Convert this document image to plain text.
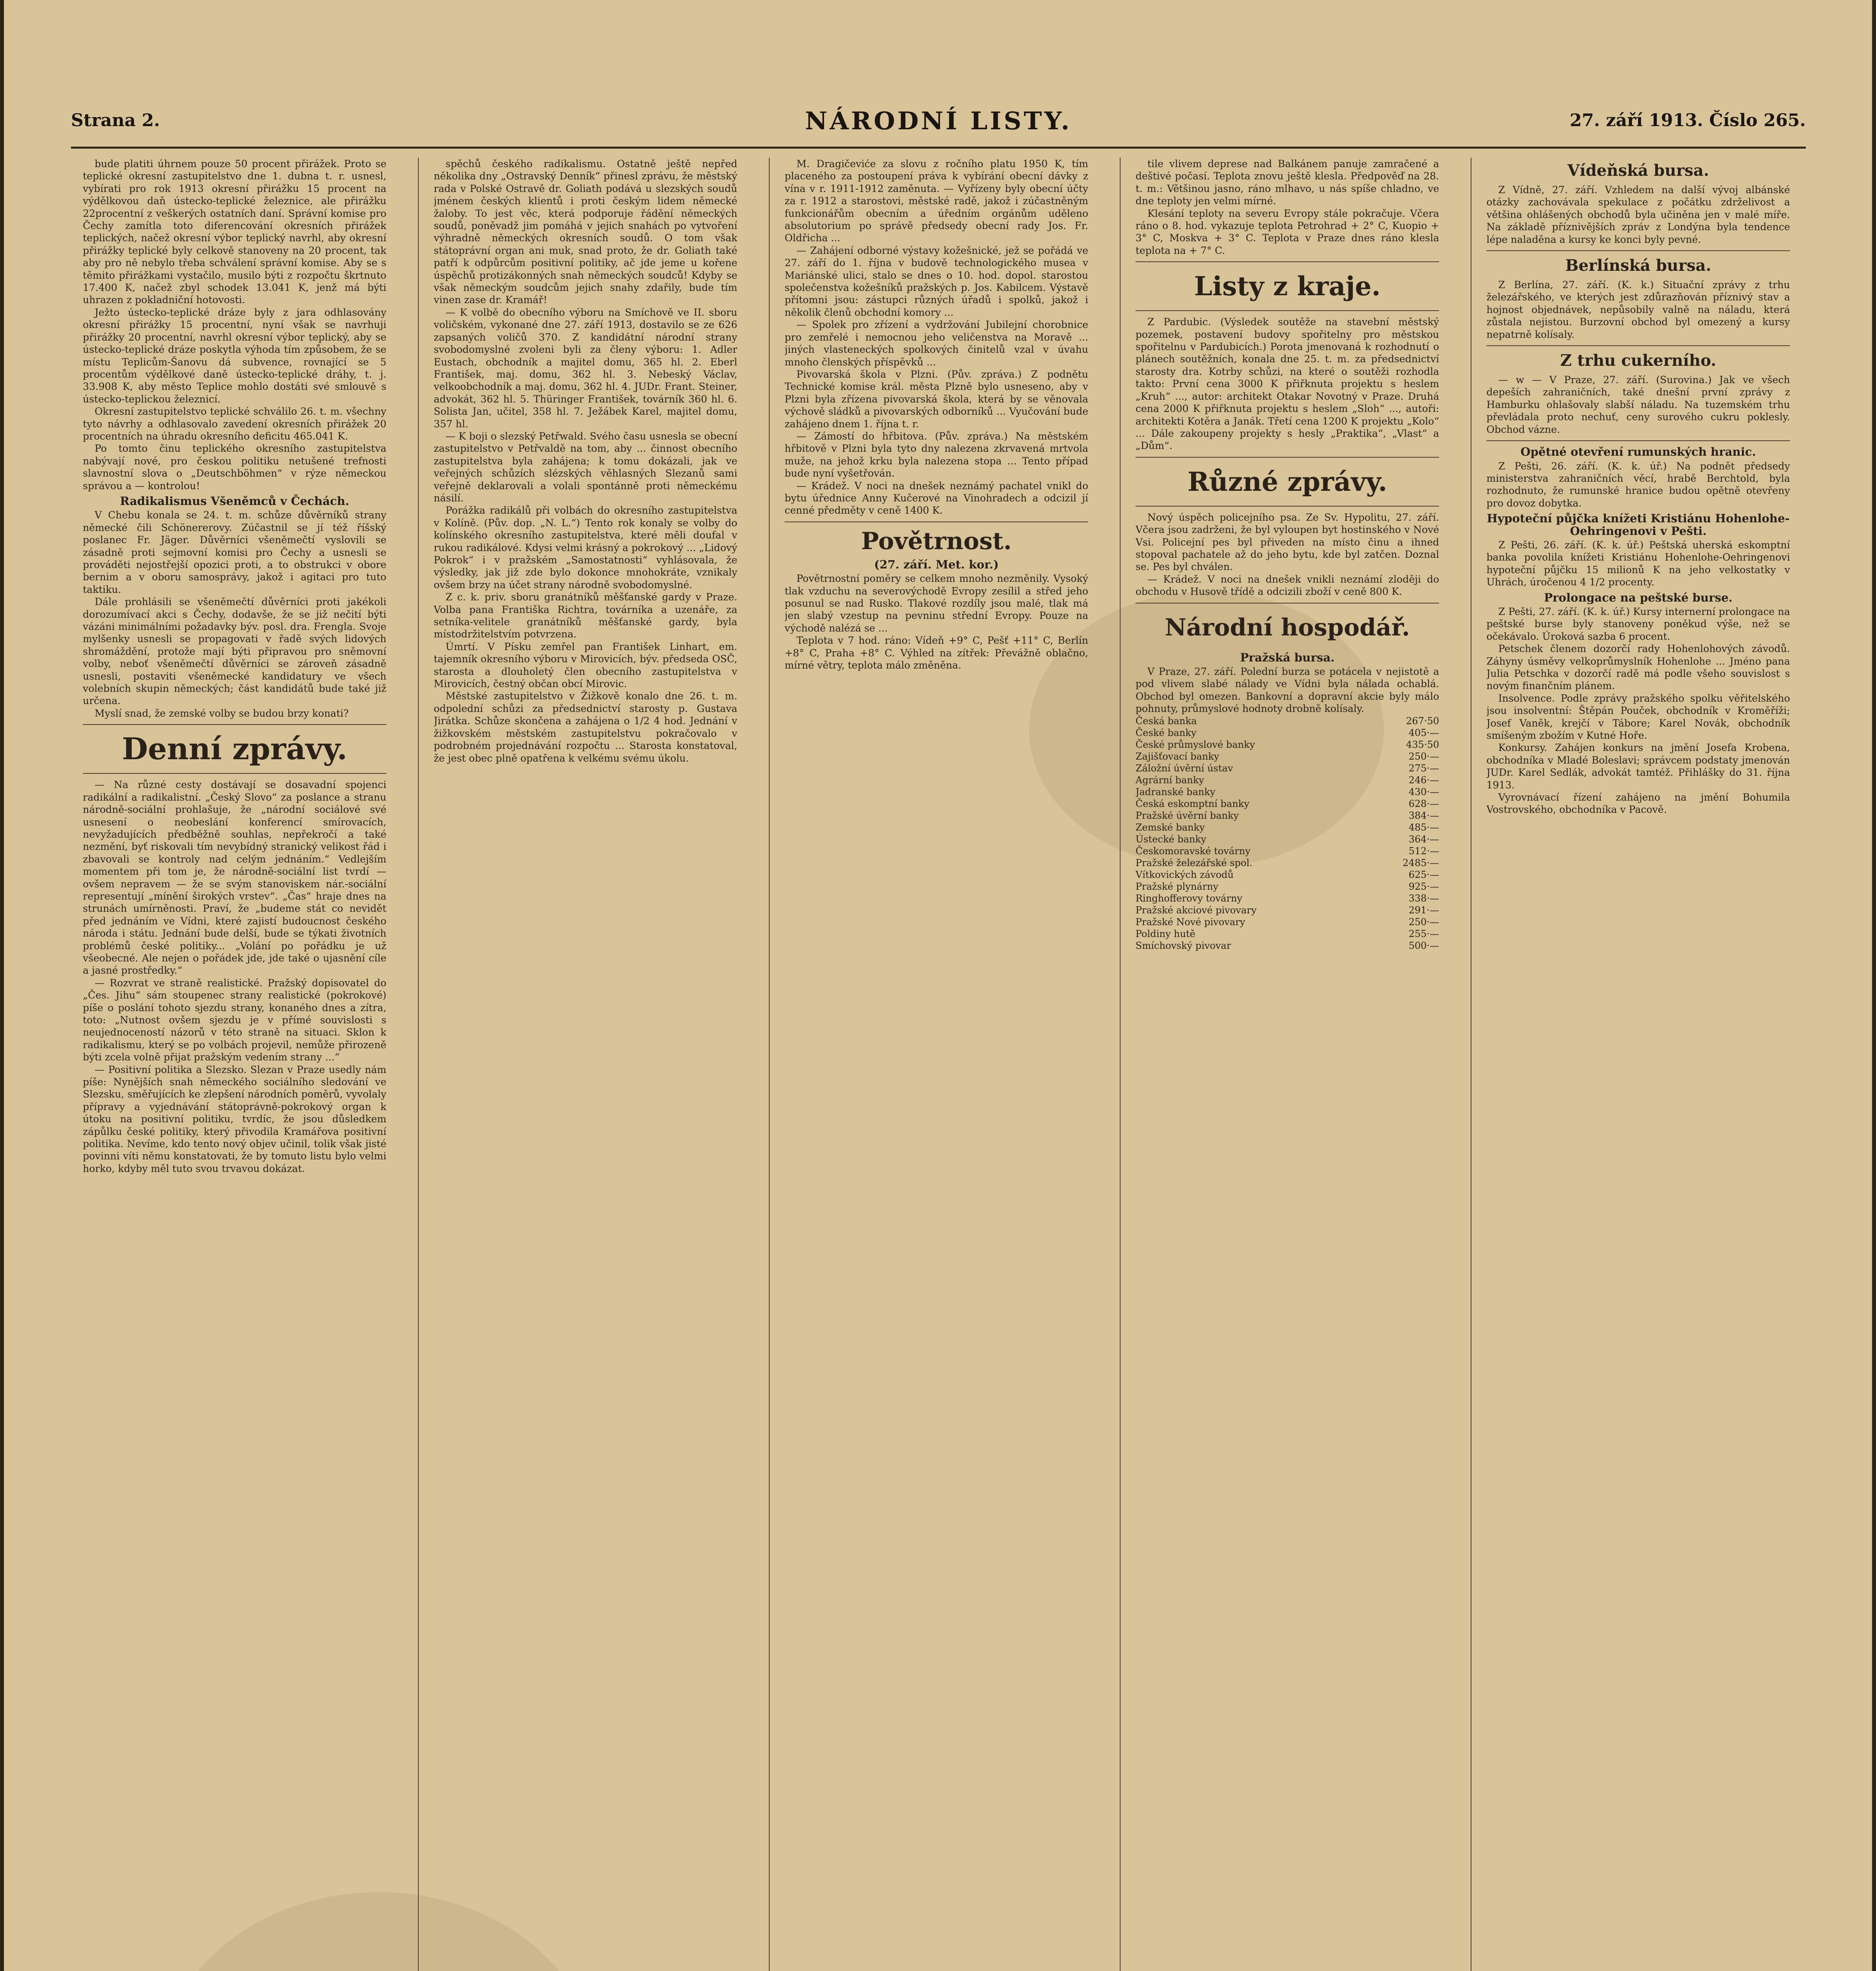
Strana 2.	NÁRODNÍ LISTY.	27. září 1913. Číslo 265.

bude platiti úhrnem pouze 50 procent přirážek. Proto se teplické okresní zastupitelstvo dne 1. dubna t. r. usnesl, vybírati pro rok 1913 okresní přirážku 15 procent na výdělkovou daň ústecko-teplické železnice, ale přirážku 22procentní z veškerých ostatních daní. Správní komise pro Čechy zamítla toto diferencování okresních přirážek teplických, načež okresní výbor teplický navrhl, aby okresní přirážky teplické byly celkově stanoveny na 20 procent, tak aby pro ně nebylo třeba schválení správní komise. Aby se s těmito přirážkami vystačilo, musilo býti z rozpočtu škrtnuto 17.400 K, načež zbyl schodek 13.041 K, jenž má býti uhrazen z pokladniční hotovosti.

Ježto ústecko-teplické dráze byly z jara odhlasovány okresní přirážky 15 procentní, nyní však se navrhuji přirážky 20 procentní, navrhl okresní výbor teplický, aby se ústecko-teplické dráze poskytla výhoda tím způsobem, že se místu Teplicům-Šanovu dá subvence, rovnající se 5 procentům výdělkové daně ústecko-teplické dráhy, t. j. 33.908 K, aby město Teplice mohlo dostáti své smlouvě s ústecko-teplickou železnicí.

Okresní zastupitelstvo teplické schválilo 26. t. m. všechny tyto návrhy a odhlasovalo zavedení okresních přirážek 20 procentních na úhradu okresního deficitu 465.041 K.

Po tomto činu teplického okresního zastupitelstva nabývají nové, pro českou politiku netušené trefnosti slavnostní slova o „Deutschböhmen“ v rýze německou správou a — kontrolou!

Radikalismus Všeněmců v Čechách.

V Chebu konala se 24. t. m. schůze důvěrníků strany německé čili Schönererovy. Zúčastnil se jí též říšský poslanec Fr. Jäger. Důvěrníci všeněmečtí vyslovili se zásadně proti sejmovní komisi pro Čechy a usnesli se prováděti nejostřejší opozici proti, a to obstrukci v obore bernim a v oboru samosprávy, jakož i agitaci pro tuto taktiku.

Dále prohlásili se všeněmečtí důvěrníci proti jakékoli dorozumívací akci s Čechy, dodavše, že se již nečití býti vázáni minimálními požadavky býv. posl. dra. Frengla. Svoje mylšenky usnesli se propagovati v řadě svých lidových shromáždění, protože mají býti připravou pro sněmovní volby, neboť všeněmečtí důvěrníci se zároveň zásadně usnesli, postaviti všeněmecké kandidatury ve všech volebních skupin německých; část kandidátů bude také již určena.

Myslí snad, že zemské volby se budou brzy konati?

Denní zprávy.

— Na různé cesty dostávají se dosavadní spojenci radikální a radikalistní. „Český Slovo“ za poslance a stranu národně-sociální prohlašuje, že „národní sociálové své usnesení o neobeslání konferencí smírovacích, nevyžadujících předběžně souhlas, nepřekročí a také nezmění, byť riskovali tím nevybídný stranický velikost řád i zbavovali se kontroly nad celým jednáním.“ Vedlejším momentem při tom je, že národně-sociální list tvrdí — ovšem nepravem — že se svým stanoviskem nár.-sociální representují „mínění širokých vrstev“. „Čas“ hraje dnes na strunách umírněnosti. Praví, že „budeme stát co nevidět před jednáním ve Vídni, které zajistí budoucnost českého národa i státu. Jednání bude delší, bude se týkati životních problémů české politiky... „Volání po pořádku je už všeobecné. Ale nejen o pořádek jde, jde také o ujasnění cíle a jasné prostředky.“

— Rozvrat ve straně realistické. Pražský dopisovatel do „Čes. Jihu“ sám stoupenec strany realistické (pokrokové) píše o poslání tohoto sjezdu strany, konaného dnes a zítra, toto: „Nutnost ovšem sjezdu je v přímé souvislosti s neujednoceností názorů v této straně na situaci. Sklon k radikalismu, který se po volbách projevil, nemůže přirozeně býti zcela volně přijat pražským vedením strany ...“

— Positivní politika a Slezsko. Slezan v Praze usedly nám píše: Nynějších snah německého sociálního sledování ve Slezsku, směřujících ke zlepšení národních poměrů, vyvolaly přípravy a vyjednávání státoprávně-pokrokový organ k útoku na positivní politiku, tvrdíc, že jsou důsledkem zápůlku české politiky, který přivodila Kramářova positivní politika. Nevíme, kdo tento nový objev učinil, tolik však jisté povinni víti němu konstatovati, že by tomuto listu bylo velmi horko, kdyby měl tuto svou trvavou dokázat.

spěchů českého radikalismu. Ostatně ještě nepřed několika dny „Ostravský Denník“ přinesl zprávu, že městský rada v Polské Ostravě dr. Goliath podává u slezských soudů jménem českých klientů i proti českým lidem německé žaloby. To jest věc, která podporuje řádění německých soudů, poněvadž jim pomáhá v jejich snahách po vytvoření výhradně německých okresních soudů. O tom však státoprávní organ ani muk, snad proto, že dr. Goliath také patří k odpůrcům positivní politiky, ač jde jeme u kořene úspěchů protizákonných snah německých soudců! Kdyby se však německým soudcům jejich snahy zdařily, bude tím vinen zase dr. Kramář!

— K volbě do obecního výboru na Smíchově ve II. sboru voličském, vykonané dne 27. září 1913, dostavilo se ze 626 zapsaných voličů 370. Z kandidátní národní strany svobodomyslné zvoleni byli za členy výboru: 1. Adler Eustach, obchodník a majitel domu, 365 hl. 2. Eberl František, maj. domu, 362 hl. 3. Nebeský Václav, velkoobchodník a maj. domu, 362 hl. 4. JUDr. Frant. Steiner, advokát, 362 hl. 5. Thüringer František, továrník 360 hl. 6. Solista Jan, učitel, 358 hl. 7. Ježábek Karel, majitel domu, 357 hl.

— K boji o slezský Petřwald. Svého času usnesla se obecní zastupitelstvo v Petřvaldě na tom, aby ... činnost obecního zastupitelstva byla zahájena; k tomu dokázali, jak ve veřejných schůzích slézských věhlasných Slezanů sami veřejně deklarovali a volali spontánně proti německému násilí.

Porážka radikálů při volbách do okresního zastupitelstva v Kolíně. (Pův. dop. „N. L.“) Tento rok konaly se volby do kolínského okresního zastupitelstva, které měli doufal v rukou radikálové. Kdysi velmi krásný a pokrokový ... „Lidový Pokrok“ i v pražském „Samostatnosti“ vyhlásovala, že výsledky, jak již zde bylo dokonce mnohokráte, vznikaly ovšem brzy na účet strany národně svobodomyslné.

Z c. k. priv. sboru granátníků měšťanské gardy v Praze. Volba pana Františka Richtra, továrníka a uzenáře, za setníka-velitele granátníků měšťanské gardy, byla místodržitelstvím potvrzena.

Úmrtí. V Písku zemřel pan František Linhart, em. tajemník okresního výboru v Mirovicích, býv. předseda OSČ, starosta a dlouholetý člen obecního zastupitelstva v Mirovicích, čestný občan obcí Mirovic.

Městské zastupitelstvo v Žižkově konalo dne 26. t. m. odpolední schůzi za předsednictví starosty p. Gustava Jirátka. Schůze skončena a zahájena o 1/2 4 hod. Jednání v žižkovském městském zastupitelstvu pokračovalo v podrobném projednávání rozpočtu ... Starosta konstatoval, že jest obec plně opatřena k velkému svému úkolu.

M. Dragičeviće za slovu z ročního platu 1950 K, tím placeného za postoupení práva k vybírání obecní dávky z vína v r. 1911-1912 zaměnuta. — Vyřízeny byly obecní účty za r. 1912 a starostovi, městské radě, jakož i zúčastněným funkcionářům obecním a úředním orgánům udělenо absolutorium po správě předsedy obecní rady Jos. Fr. Oldřicha ...

— Zahájení odborné výstavy kožešnické, jež se pořádá ve 27. září do 1. října v budově technologického musea v Mariánské ulici, stalo se dnes o 10. hod. dopol. starostou společenstva kožešníků pražských p. Jos. Kabilcem. Výstavě přítomni jsou: zástupci různých úřadů i spolků, jakož i několik členů obchodní komory ...

— Spolek pro zřízení a vydržování Jubilejní chorobnice pro zemřelé i nemocnou jeho veličenstva na Moravě ... jiných vlasteneckých spolkových činitelů vzal v úvahu mnoho členských příspěvků ...

Pivovarská škola v Plzni. (Pův. zpráva.) Z podnětu Technické komise král. města Plzně bylo usneseno, aby v Plzni byla zřízena pivovarská škola, která by se věnovala výchově sládků a pivovarských odborníků ... Vyučování bude zahájeno dnem 1. října t. r.

— Zámostí do hřbitova. (Pův. zpráva.) Na městském hřbitově v Plzni byla tyto dny nalezena zkrvavená mrtvola muže, na jehož krku byla nalezena stopa ... Tento případ bude nyní vyšetřován.

— Krádež. V noci na dnešek neznámý pachatel vnikl do bytu úřednice Anny Kučerové na Vinohradech a odcizil jí cenné předměty v ceně 1400 K.

Povětrnost.
(27. září. Met. kor.)

Povětrnostní poměry se celkem mnoho nezměnily. Vysoký tlak vzduchu na severovýchodě Evropy zesílil a střed jeho posunul se nad Rusko. Tlakové rozdíly jsou malé, tlak má jen slabý vzestup na pevninu střední Evropy. Pouze na východě nalézá se ...

Teplota v 7 hod. ráno: Vídeň +9° C, Pešť +11° C, Berlín +8° C, Praha +8° C. Výhled na zítřek: Převážně oblačno, mírné větry, teplota málo změněna.

tile vlivem deprese nad Balkánem panuje zamračené a deštivé počasí. Teplota znovu ještě klesla. Předpověď na 28. t. m.: Většinou jasno, ráno mlhavo, u nás spíše chladno, ve dne teploty jen velmi mírné.

Klesání teploty na severu Evropy stále pokračuje. Včera ráno o 8. hod. vykazuje teplota Petrohrad + 2° C, Kuopio + 3° C, Moskva + 3° C. Teplota v Praze dnes ráno klesla teplota na + 7° C.

Listy z kraje.

Z Pardubic. (Výsledek soutěže na stavební městský pozemek, postavení budovy spořitelny pro městskou spořitelnu v Pardubicích.) Porota jmenovaná k rozhodnutí o plánech soutěžních, konala dne 25. t. m. za předsednictví starosty dra. Kotrby schůzi, na které o soutěži rozhodla takto: První cena 3000 K přiřknuta projektu s heslem „Kruh“ ..., autor: architekt Otakar Novotný v Praze. Druhá cena 2000 K přiřknuta projektu s heslem „Sloh“ ..., autoři: architekti Kotěra a Janák. Třetí cena 1200 K projektu „Kolo“ ... Dále zakoupeny projekty s hesly „Praktika“, „Vlast“ a „Dům“.

Různé zprávy.

Nový úspěch policejního psa. Ze Sv. Hypolitu, 27. září. Včera jsou zadrženi, že byl vyloupen byt hostinského v Nové Vsi. Policejní pes byl přiveden na místo činu a ihned stopoval pachatele až do jeho bytu, kde byl zatčen. Doznal se. Pes byl chválen.

— Krádež. V noci na dnešek vnikli neznámí zloději do obchodu v Husově třídě a odcizili zboží v ceně 800 K.

Národní hospodář.
Pražská bursa.

V Praze, 27. září. Polední burza se potácela v nejistotě a pod vlivem slabé nálady ve Vídni byla nálada ochablá. Obchod byl omezen. Bankovní a dopravní akcie byly málo pohnuty, průmyslové hodnoty drobně kolísaly.

Česká banka	267·50
České banky	405·—
České průmyslové banky	435·50
Zajišťovací banky	250·—
Záložní úvěrní ústav	275·—
Agrární banky	246·—
Jadranské banky	430·—
Česká eskomptní banky	628·—
Pražské úvěrní banky	384·—
Zemské banky	485·—
Ústecké banky	364·—
Českomoravské továrny	512·—
Pražské železářské spol.	2485·—
Vítkovických závodů	625·—
Pražské plynárny	925·—
Ringhofferovy továrny	338·—
Pražské akciové pivovary	291·—
Pražské Nové pivovary	250·—
Poldiny hutě	255·—
Smíchovský pivovar	500·—
Vídeňská bursa.

Z Vídně, 27. září. Vzhledem na další vývoj albánské otázky zachovávala spekulace z počátku zdrželivost a většina ohlášených obchodů byla učiněna jen v malé míře. Na základě příznivějších zpráv z Londýna byla tendence lépe naladěna a kursy ke konci byly pevné.

Berlínská bursa.

Z Berlína, 27. září. (K. k.) Situační zprávy z trhu železářského, ve kterých jest zdůrazňován příznivý stav a hojnost objednávek, nepůsobily valně na náladu, která zůstala nejistou. Burzovní obchod byl omezený a kursy nepatrně kolísaly.

Z trhu cukerního.

— w — V Praze, 27. září. (Surovina.) Jak ve všech depeších zahraničních, také dnešní první zprávy z Hamburku ohlašovaly slabší náladu. Na tuzemském trhu převládala proto nechuť, ceny surového cukru poklesly. Obchod vázne.

Opětné otevření rumunských hranic.

Z Pešti, 26. září. (K. k. úř.) Na podnět předsedy ministerstva zahraničních věcí, hrabě Berchtold, byla rozhodnuto, že rumunské hranice budou opětně otevřeny pro dovoz dobytka.

Hypoteční půjčka knížeti Kristiánu Hohenlohe-Oehringenovi v Pešti.

Z Pešti, 26. září. (K. k. úř.) Peštská uherská eskomptní banka povolila knížeti Kristiánu Hohenlohe-Oehringenovi hypoteční půjčku 15 milionů K na jeho velkostatky v Uhrách, úročenou 4 1/2 procenty.

Prolongace na peštské burse.

Z Pešti, 27. září. (K. k. úř.) Kursy internerní prolongace na peštské burse byly stanoveny poněkud výše, než se očekávalo. Úroková sazba 6 procent.

Petschek členem dozorčí rady Hohenlohových závodů. Záhyny úsměvy velkoprůmyslník Hohenlohe ... Jméno pana Julia Petschka v dozorčí radě má podle všeho souvislost s novým finančním plánem.

Insolvence. Podle zprávy pražského spolku věřitelského jsou insolventní: Štěpán Pouček, obchodník v Kroměříži; Josef Vaněk, krejčí v Tábore; Karel Novák, obchodník smíšeným zbožím v Kutné Hoře.

Konkursy. Zahájen konkurs na jmění Josefa Krobena, obchodníka v Mladé Boleslavi; správcem podstaty jmenován JUDr. Karel Sedlák, advokát tamtéž. Přihlášky do 31. října 1913.

Vyrovnávací řízení zahájeno na jmění Bohumila Vostrovského, obchodníka v Pacově.
